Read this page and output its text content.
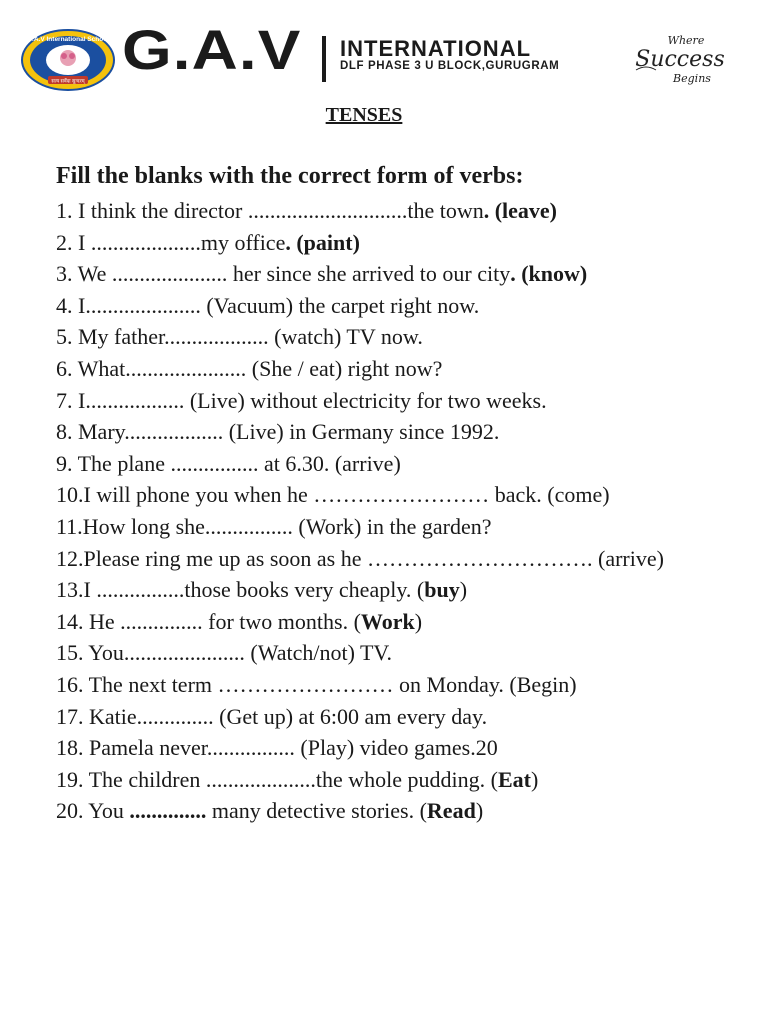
G.A.V International School
सत्य सर्वेदा सुन्दरम्
G.A.V INTERNATIONAL
DLF PHASE 3 U BLOCK,GURUGRAM
Where
Success
Begins
TENSES
Fill the blanks with the correct form of verbs:
1. I think the director .............................the town. (leave)
2. I ....................my office. (paint)
3. We ..................... her since she arrived to our city. (know)
4. I..................... (Vacuum) the carpet right now.
5. My father................... (watch) TV now.
6. What...................... (She / eat) right now?
7. I.................. (Live) without electricity for two weeks.
8. Mary.................. (Live) in Germany since 1992.
9. The plane ................ at 6.30. (arrive)
10.I will phone you when he …………………… back. (come)
11.How long she................ (Work) in the garden?
12.Please ring me up as soon as he …………………………. (arrive)
13.I ................those books very cheaply. (buy)
14. He ............... for two months. (Work)
15. You...................... (Watch/not) TV.
16. The next term …………………… on Monday. (Begin)
17. Katie.............. (Get up) at 6:00 am every day.
18. Pamela never................ (Play) video games.20
19. The children ....................the whole pudding. (Eat)
20. You .............. many detective stories. (Read)
